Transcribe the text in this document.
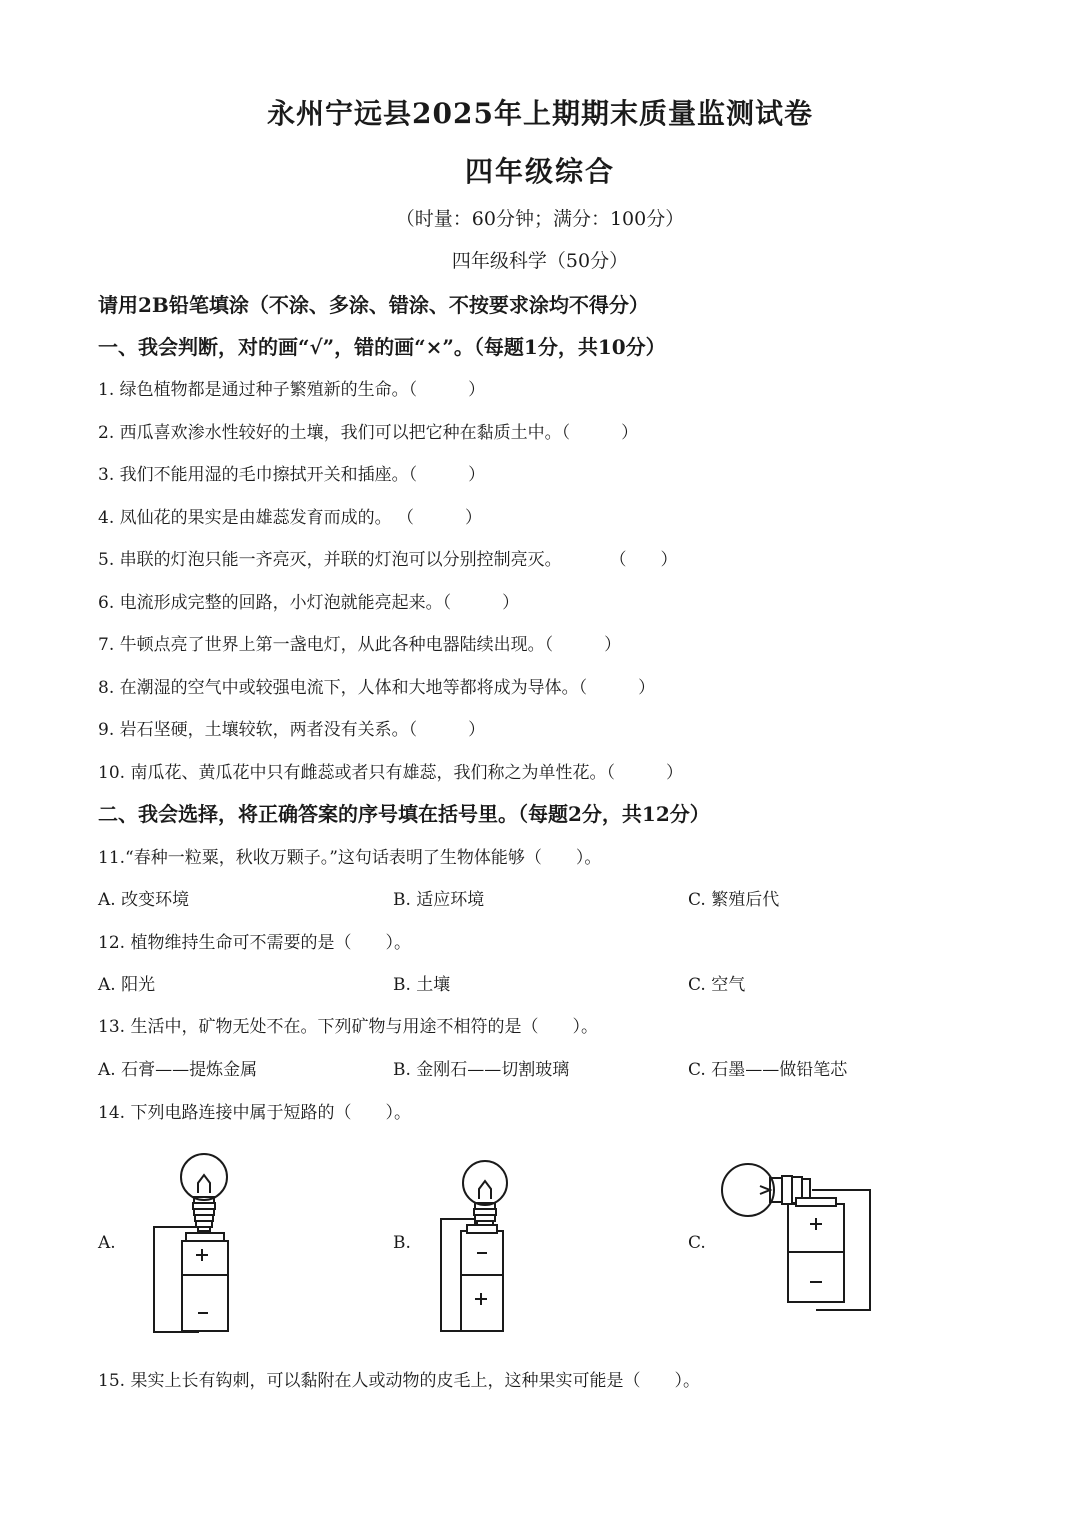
永州宁远县2025年上期期末质量监测试卷
四年级综合
（时量：60分钟；满分：100分）
四年级科学（50分）
请用2B铅笔填涂（不涂、多涂、错涂、不按要求涂均不得分）
一、我会判断，对的画“√”，错的画“×”。（每题1分，共10分）
1. 绿色植物都是通过种子繁殖新的生命。（　　　）
2. 西瓜喜欢渗水性较好的土壤，我们可以把它种在黏质土中。（　　　）
3. 我们不能用湿的毛巾擦拭开关和插座。（　　　）
4. 凤仙花的果实是由雄蕊发育而成的。 （　　　）
5. 串联的灯泡只能一齐亮灭，并联的灯泡可以分别控制亮灭。　　　 （　　）
6. 电流形成完整的回路，小灯泡就能亮起来。（　　　）
7. 牛顿点亮了世界上第一盏电灯，从此各种电器陆续出现。（　　　）
8. 在潮湿的空气中或较强电流下，人体和大地等都将成为导体。（　　　）
9. 岩石坚硬，土壤较软，两者没有关系。（　　　）
10. 南瓜花、黄瓜花中只有雌蕊或者只有雄蕊，我们称之为单性花。（　　　）
二、我会选择，将正确答案的序号填在括号里。（每题2分，共12分）
11.“春种一粒粟，秋收万颗子。”这句话表明了生物体能够（　　）。
A. 改变环境	B. 适应环境	C. 繁殖后代
12. 植物维持生命可不需要的是（　　）。
A. 阳光	B. 土壤	C. 空气
13. 生活中，矿物无处不在。下列矿物与用途不相符的是（　　）。
A. 石膏——提炼金属	B. 金刚石——切割玻璃	C. 石墨——做铅笔芯
14. 下列电路连接中属于短路的（　　）。
A.	B.	C.
15. 果实上长有钩刺，可以黏附在人或动物的皮毛上，这种果实可能是（　　）。
